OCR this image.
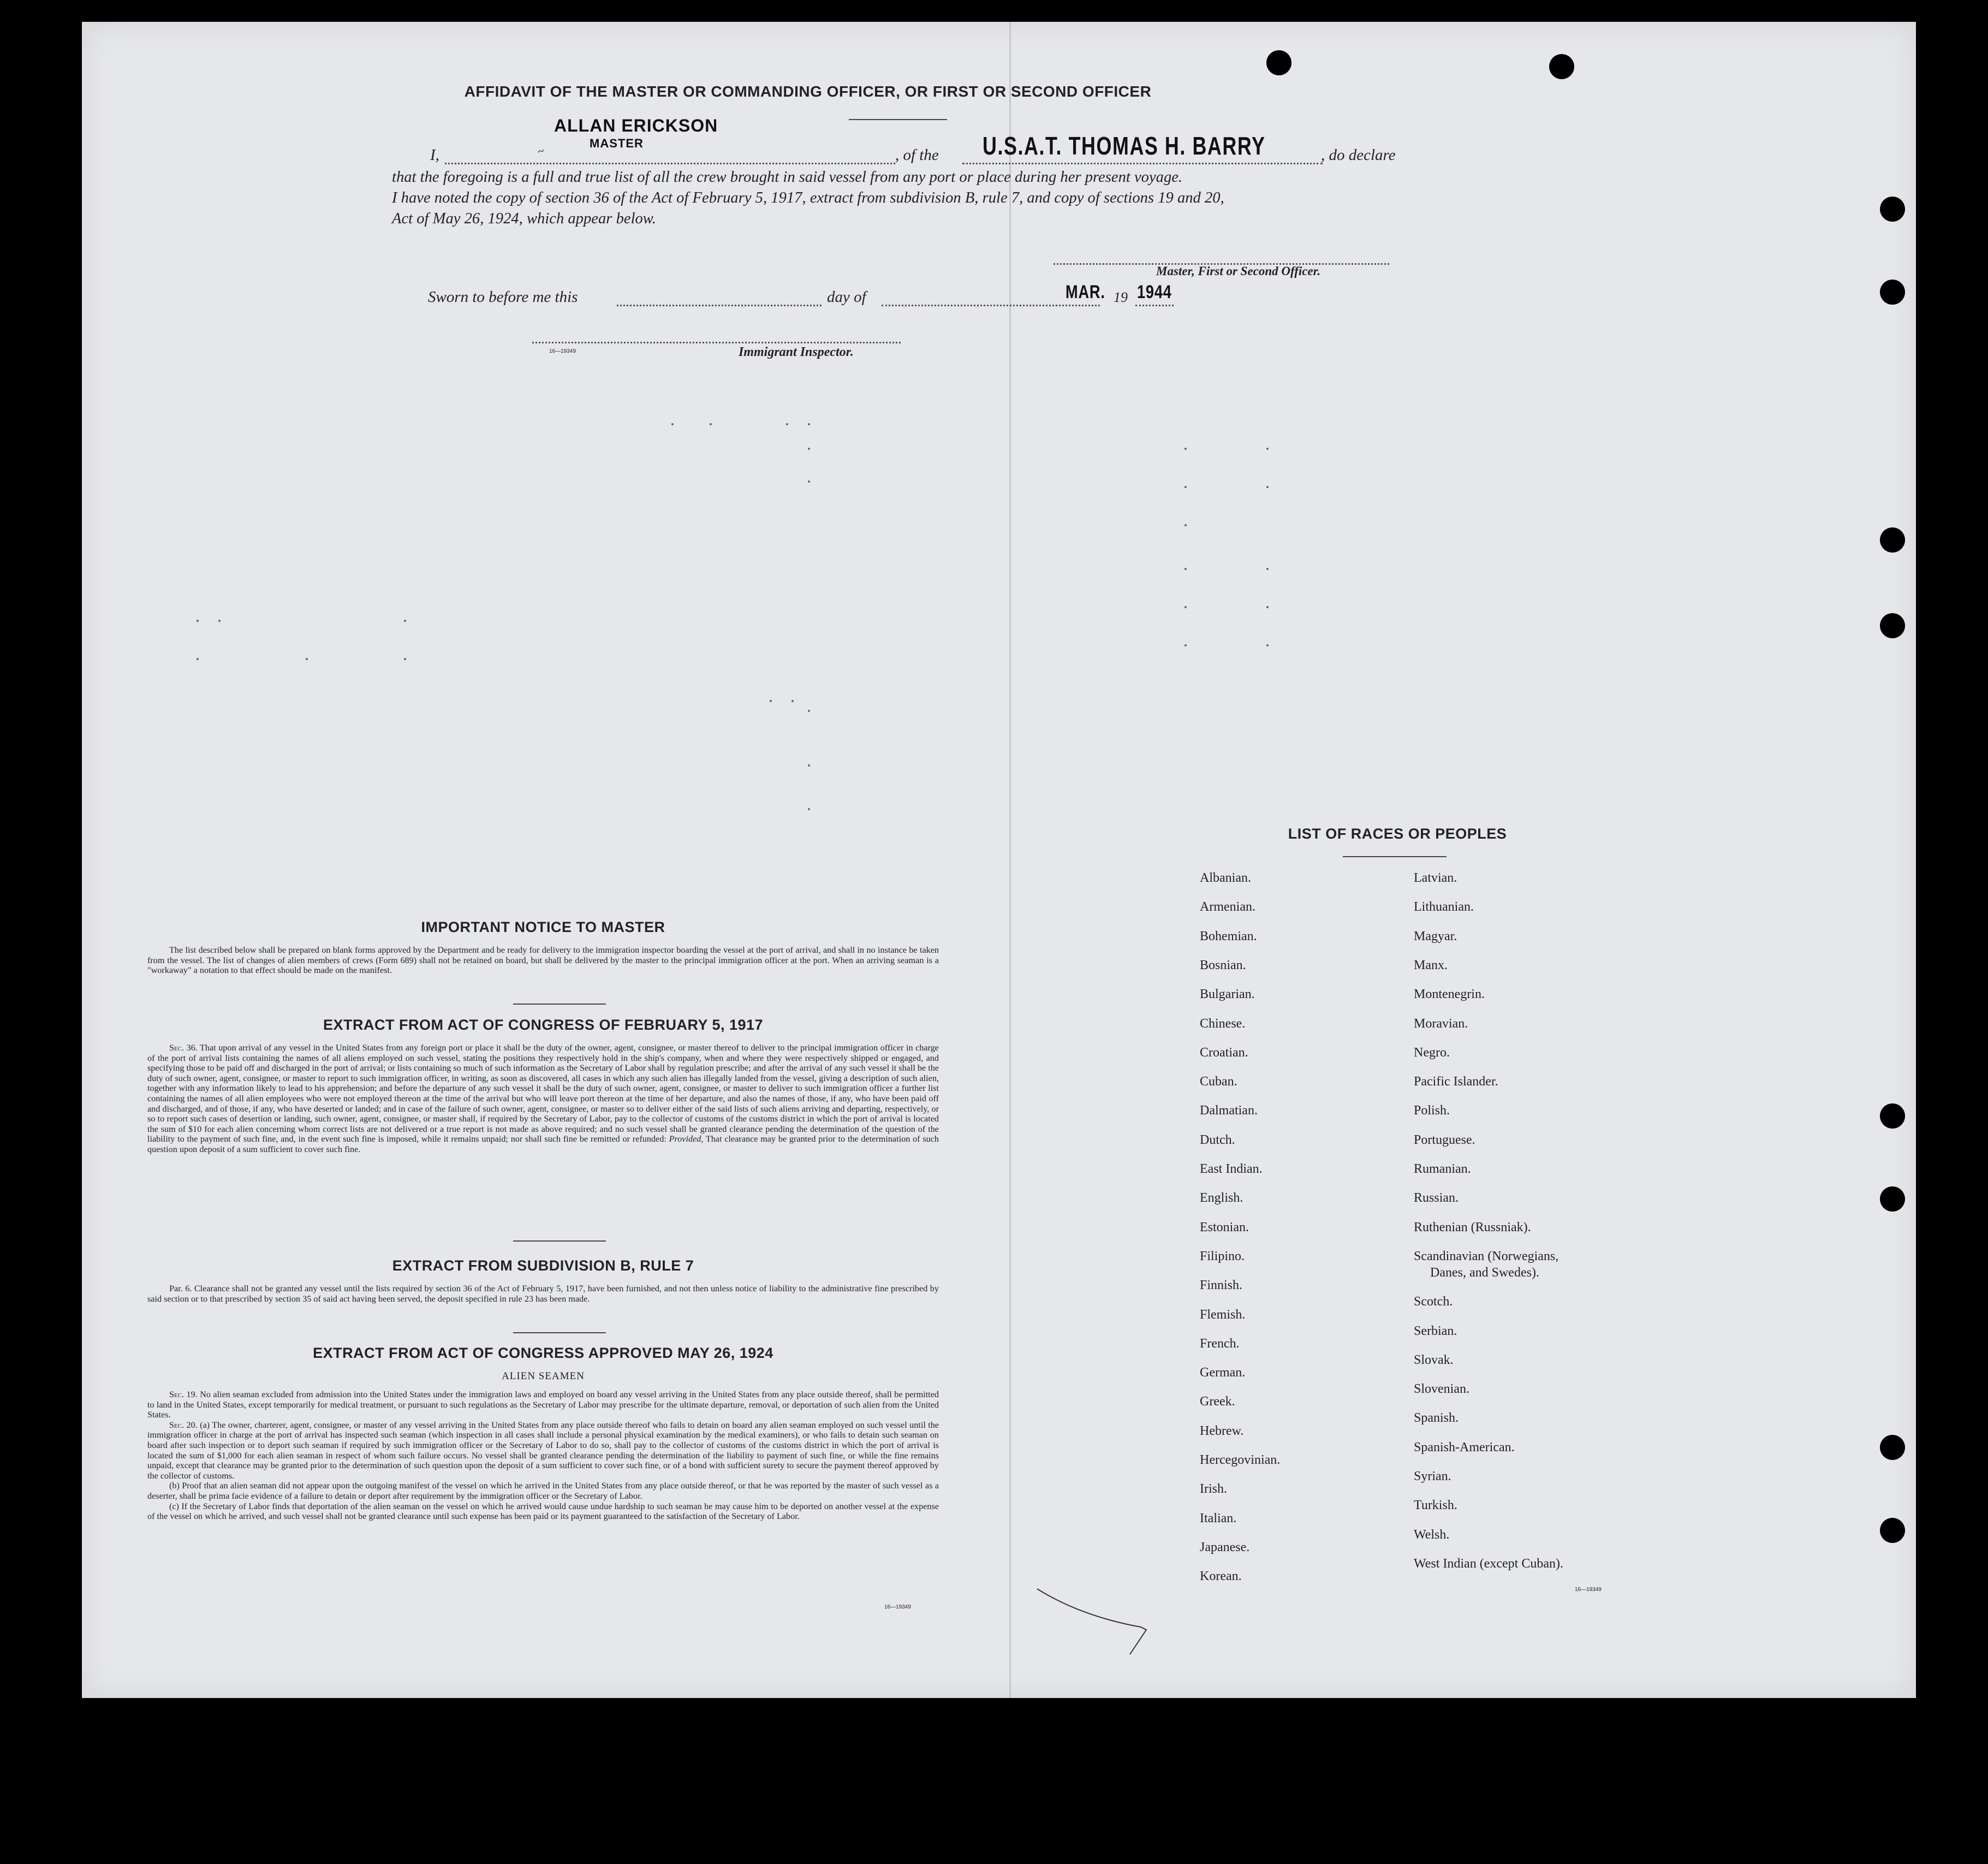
AFFIDAVIT OF THE MASTER OR COMMANDING OFFICER, OR FIRST OR SECOND OFFICER
ALLAN ERICKSON
MASTER
~
I,	, of the U.S.A.T. THOMAS H. BARRY	, do declare
that the foregoing is a full and true list of all the crew brought in said vessel from any port or place during her present voyage.
I have noted the copy of section 36 of the Act of February 5, 1917, extract from subdivision B, rule 7, and copy of sections 19 and 20,
Act of May 26, 1924, which appear below.
Master, First or Second Officer.
Sworn to before me this	day of	MAR. 19 1944
16—19349	Immigrant Inspector.
IMPORTANT NOTICE TO MASTER

The list described below shall be prepared on blank forms approved by the Department and be ready for delivery to the immigration inspector boarding the vessel at the port of arrival, and shall in no instance be taken from the vessel. The list of changes of alien members of crews (Form 689) shall not be retained on board, but shall be delivered by the master to the principal immigration officer at the port. When an arriving seaman is a "workaway" a notation to that effect should be made on the manifest.

EXTRACT FROM ACT OF CONGRESS OF FEBRUARY 5, 1917

Sec. 36. That upon arrival of any vessel in the United States from any foreign port or place it shall be the duty of the owner, agent, consignee, or master thereof to deliver to the principal immigration officer in charge of the port of arrival lists containing the names of all aliens employed on such vessel, stating the positions they respectively hold in the ship's company, when and where they were respectively shipped or engaged, and specifying those to be paid off and discharged in the port of arrival; or lists containing so much of such information as the Secretary of Labor shall by regulation prescribe; and after the arrival of any such vessel it shall be the duty of such owner, agent, consignee, or master to report to such immigration officer, in writing, as soon as discovered, all cases in which any such alien has illegally landed from the vessel, giving a description of such alien, together with any information likely to lead to his apprehension; and before the departure of any such vessel it shall be the duty of such owner, agent, consignee, or master to deliver to such immigration officer a further list containing the names of all alien employees who were not employed thereon at the time of the arrival but who will leave port thereon at the time of her departure, and also the names of those, if any, who have been paid off and discharged, and of those, if any, who have deserted or landed; and in case of the failure of such owner, agent, consignee, or master so to deliver either of the said lists of such aliens arriving and departing, respectively, or so to report such cases of desertion or landing, such owner, agent, consignee, or master shall, if required by the Secretary of Labor, pay to the collector of customs of the customs district in which the port of arrival is located the sum of $10 for each alien concerning whom correct lists are not delivered or a true report is not made as above required; and no such vessel shall be granted clearance pending the determination of the question of the liability to the payment of such fine, and, in the event such fine is imposed, while it remains unpaid; nor shall such fine be remitted or refunded: Provided, That clearance may be granted prior to the determination of such question upon deposit of a sum sufficient to cover such fine.

EXTRACT FROM SUBDIVISION B, RULE 7

Par. 6. Clearance shall not be granted any vessel until the lists required by section 36 of the Act of February 5, 1917, have been furnished, and not then unless notice of liability to the administrative fine prescribed by said section or to that prescribed by section 35 of said act having been served, the deposit specified in rule 23 has been made.

EXTRACT FROM ACT OF CONGRESS APPROVED MAY 26, 1924
ALIEN SEAMEN

Sec. 19. No alien seaman excluded from admission into the United States under the immigration laws and employed on board any vessel arriving in the United States from any place outside thereof, shall be permitted to land in the United States, except temporarily for medical treatment, or pursuant to such regulations as the Secretary of Labor may prescribe for the ultimate departure, removal, or deportation of such alien from the United States.

Sec. 20. (a) The owner, charterer, agent, consignee, or master of any vessel arriving in the United States from any place outside thereof who fails to detain on board any alien seaman employed on such vessel until the immigration officer in charge at the port of arrival has inspected such seaman (which inspection in all cases shall include a personal physical examination by the medical examiners), or who fails to detain such seaman on board after such inspection or to deport such seaman if required by such immigration officer or the Secretary of Labor to do so, shall pay to the collector of customs of the customs district in which the port of arrival is located the sum of $1,000 for each alien seaman in respect of whom such failure occurs. No vessel shall be granted clearance pending the determination of the liability to payment of such fine, or while the fine remains unpaid, except that clearance may be granted prior to the determination of such question upon the deposit of a sum sufficient to cover such fine, or of a bond with sufficient surety to secure the payment thereof approved by the collector of customs.

(b) Proof that an alien seaman did not appear upon the outgoing manifest of the vessel on which he arrived in the United States from any place outside thereof, or that he was reported by the master of such vessel as a deserter, shall be prima facie evidence of a failure to detain or deport after requirement by the immigration officer or the Secretary of Labor.

(c) If the Secretary of Labor finds that deportation of the alien seaman on the vessel on which he arrived would cause undue hardship to such seaman he may cause him to be deported on another vessel at the expense of the vessel on which he arrived, and such vessel shall not be granted clearance until such expense has been paid or its payment guaranteed to the satisfaction of the Secretary of Labor.

16—19349
LIST OF RACES OR PEOPLES
Albanian.
Armenian.
Bohemian.
Bosnian.
Bulgarian.
Chinese.
Croatian.
Cuban.
Dalmatian.
Dutch.
East Indian.
English.
Estonian.
Filipino.
Finnish.
Flemish.
French.
German.
Greek.
Hebrew.
Hercegovinian.
Irish.
Italian.
Japanese.
Korean.
Latvian.
Lithuanian.
Magyar.
Manx.
Montenegrin.
Moravian.
Negro.
Pacific Islander.
Polish.
Portuguese.
Rumanian.
Russian.
Ruthenian (Russniak).
Scandinavian (Norwegians,
Danes, and Swedes).
Scotch.
Serbian.
Slovak.
Slovenian.
Spanish.
Spanish-American.
Syrian.
Turkish.
Welsh.
West Indian (except Cuban).
16—19349
